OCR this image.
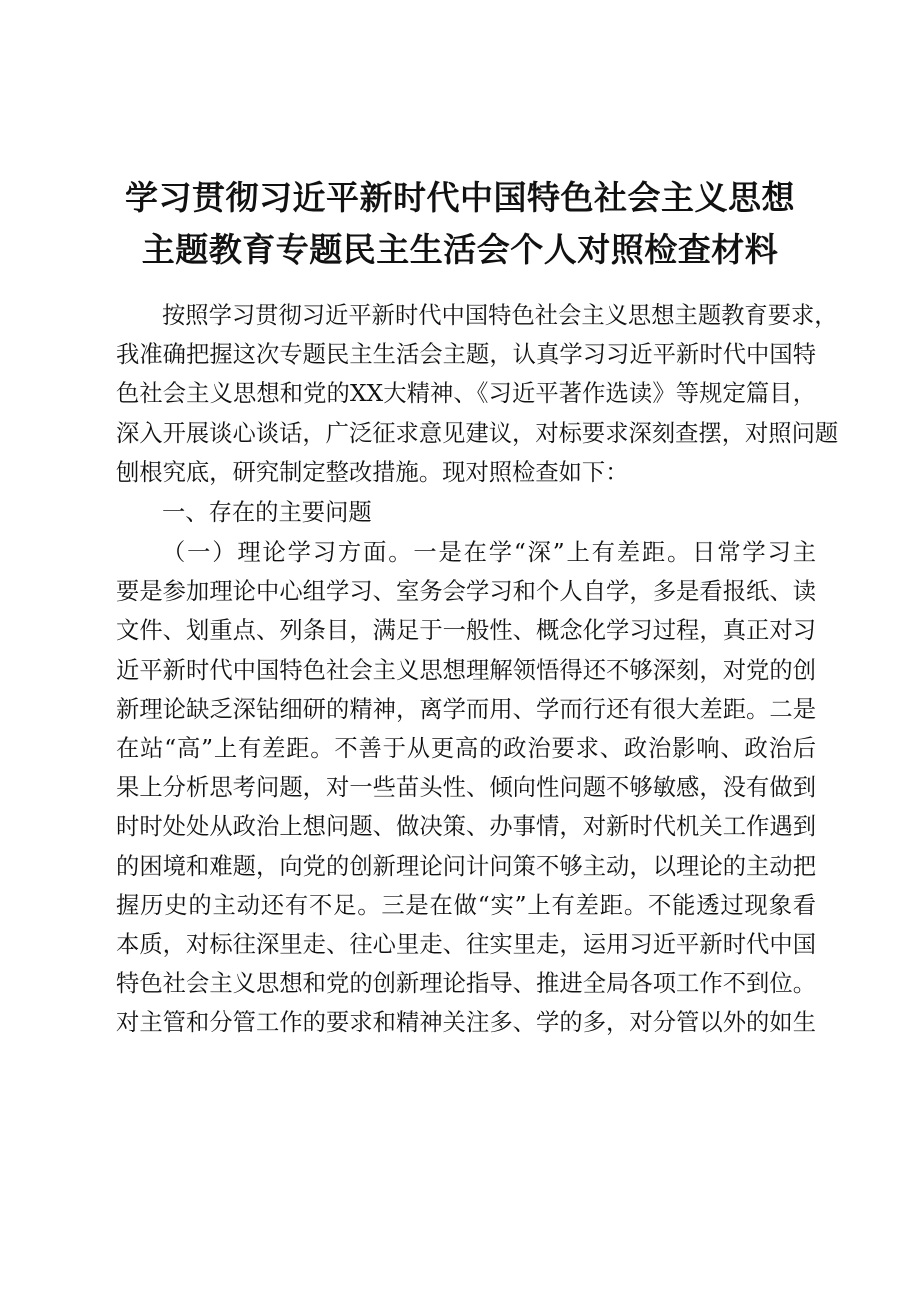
学习贯彻习近平新时代中国特色社会主义思想
主题教育专题民主生活会个人对照检查材料
按照学习贯彻习近平新时代中国特色社会主义思想主题教育要求，
我准确把握这次专题民主生活会主题，认真学习习近平新时代中国特
色社会主义思想和党的XX大精神、《习近平著作选读》等规定篇目，
深入开展谈心谈话，广泛征求意见建议，对标要求深刻查摆，对照问题
刨根究底，研究制定整改措施。现对照检查如下：
一、存在的主要问题
（一）理论学习方面。一是在学“深”上有差距。日常学习主
要是参加理论中心组学习、室务会学习和个人自学，多是看报纸、读
文件、划重点、列条目，满足于一般性、概念化学习过程，真正对习
近平新时代中国特色社会主义思想理解领悟得还不够深刻，对党的创
新理论缺乏深钻细研的精神，离学而用、学而行还有很大差距。二是
在站“高”上有差距。不善于从更高的政治要求、政治影响、政治后
果上分析思考问题，对一些苗头性、倾向性问题不够敏感，没有做到
时时处处从政治上想问题、做决策、办事情，对新时代机关工作遇到
的困境和难题，向党的创新理论问计问策不够主动，以理论的主动把
握历史的主动还有不足。三是在做“实”上有差距。不能透过现象看
本质，对标往深里走、往心里走、往实里走，运用习近平新时代中国
特色社会主义思想和党的创新理论指导、推进全局各项工作不到位。
对主管和分管工作的要求和精神关注多、学的多，对分管以外的如生
